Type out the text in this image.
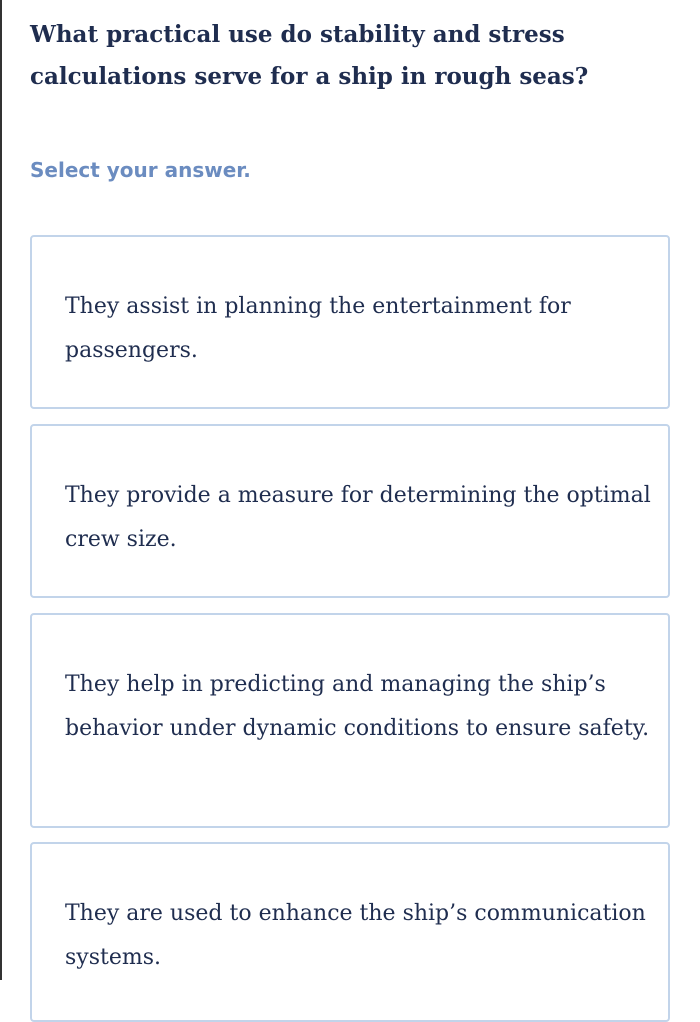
What practical use do stability and stress calculations serve for a ship in rough seas?
Select your answer.
They assist in planning the entertainment for passengers.
They provide a measure for determining the optimal crew size.
They help in predicting and managing the ship’s behavior under dynamic conditions to ensure safety.
They are used to enhance the ship’s communication systems.
